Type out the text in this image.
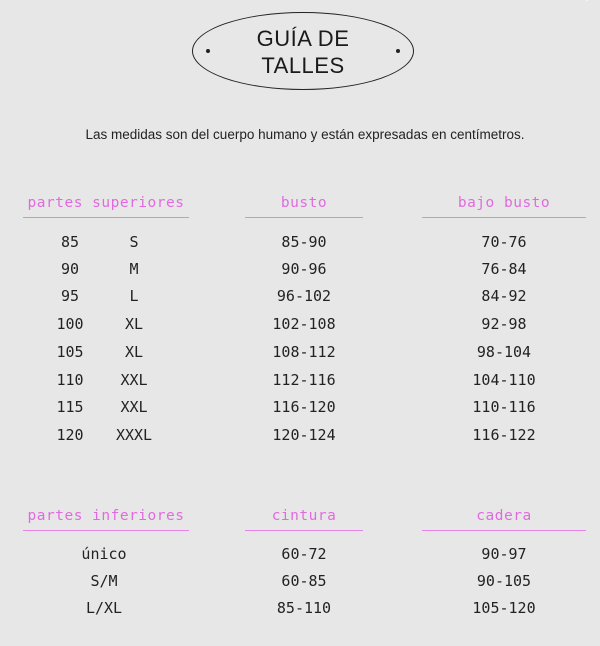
GUÍA DE
TALLES
Las medidas son del cuerpo humano y están expresadas en centímetros.
partes superiores	busto	bajo busto
85	S	85-90	70-76
90	M	90-96	76-84
95	L	96-102	84-92
100	XL	102-108	92-98
105	XL	108-112	98-104
110	XXL	112-116	104-110
115	XXL	116-120	110-116
120	XXXL	120-124	116-122
partes inferiores	cintura	cadera
único	60-72	90-97
S/M	60-85	90-105
L/XL	85-110	105-120
